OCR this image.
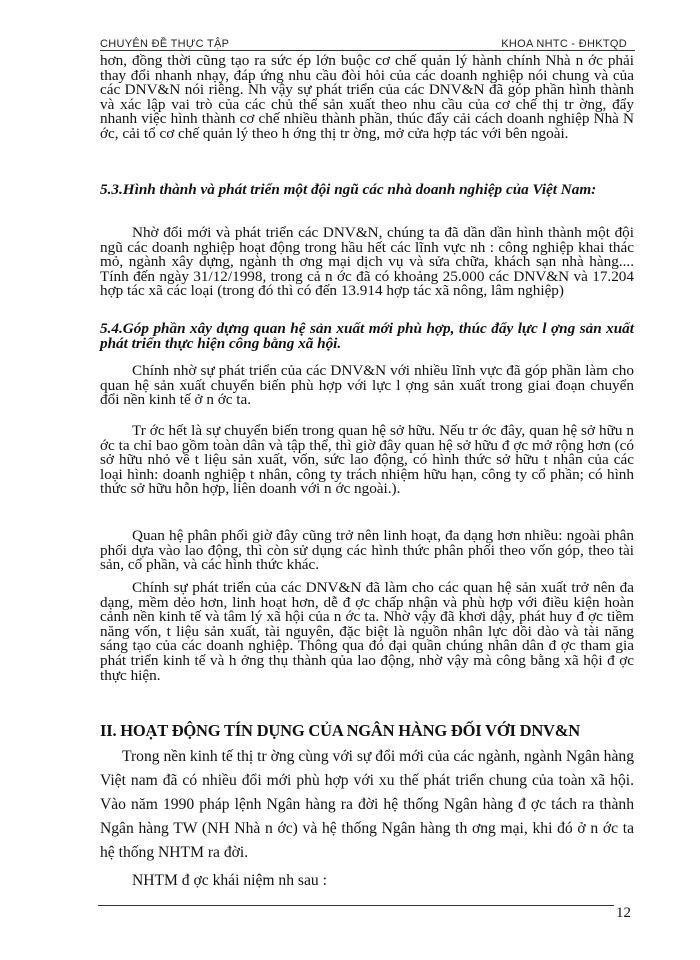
CHUYÊN ĐỀ THỰC TẬP	KHOA NHTC - ĐHKTQD

hơn, đồng thời cũng tạo ra sức ép lớn buộc cơ chế quản lý hành chính Nhà n ớc phải thay đổi nhanh nhạy, đáp ứng nhu cầu đòi hỏi của các doanh nghiệp nói chung và của các DNV&N nói riêng. Nh vậy sự phát triển của các DNV&N đã góp phần hình thành và xác lập vai trò của các chủ thể sản xuất theo nhu cầu của cơ chế thị tr ờng, đẩy nhanh việc hình thành cơ chế nhiều thành phần, thúc đẩy cải cách doanh nghiệp Nhà N ớc, cải tổ cơ chế quản lý theo h ớng thị tr ờng, mở cửa hợp tác với bên ngoài.

5.3.Hình thành và phát triển một đội ngũ các nhà doanh nghiệp của Việt Nam:

Nhờ đổi mới và phát triển các DNV&N, chúng ta đã dần dần hình thành một đội ngũ các doanh nghiệp hoạt động trong hầu hết các lĩnh vực nh : công nghiệp khai thác mỏ, ngành xây dựng, ngành th ơng mại dịch vụ và sửa chữa, khách sạn nhà hàng.... Tính đến ngày 31/12/1998, trong cả n ớc đã có khoảng 25.000 các DNV&N và 17.204 hợp tác xã các loại (trong đó thì có đến 13.914 hợp tác xã nông, lâm nghiệp)

5.4.Góp phần xây dựng quan hệ sản xuất mới phù hợp, thúc đẩy lực l ợng sản xuất phát triển thực hiện công bằng xã hội.

Chính nhờ sự phát triển của các DNV&N với nhiều lĩnh vực đã góp phần làm cho quan hệ sản xuất chuyển biến phù hợp với lực l ợng sản xuất trong giai đoạn chuyển đổi nền kinh tế ở n ớc ta.

Tr ớc hết là sự chuyển biến trong quan hệ sở hữu. Nếu tr ớc đây, quan hệ sở hữu n ớc ta chỉ bao gồm toàn dân và tập thể, thì giờ đây quan hệ sở hữu đ ợc mở rộng hơn (có sở hữu nhỏ về t liệu sản xuất, vốn, sức lao động, có hình thức sở hữu t nhân của các loại hình: doanh nghiệp t nhân, công ty trách nhiệm hữu hạn, công ty cổ phần; có hình thức sở hữu hỗn hợp, liên doanh với n ớc ngoài.).

Quan hệ phân phối giờ đây cũng trở nên linh hoạt, đa dạng hơn nhiều: ngoài phân phối dựa vào lao động, thì còn sử dụng các hình thức phân phối theo vốn góp, theo tài sản, cổ phần, và các hình thức khác.

Chính sự phát triển của các DNV&N đã làm cho các quan hệ sản xuất trở nên đa dạng, mềm dẻo hơn, linh hoạt hơn, dễ đ ợc chấp nhận và phù hợp với điều kiện hoàn cảnh nền kinh tế và tâm lý xã hội của n ớc ta. Nhờ vậy đã khơi dậy, phát huy đ ợc tiềm năng vốn, t liệu sản xuất, tài nguyên, đặc biệt là nguồn nhân lực dồi dào và tài năng sáng tạo của các doanh nghiệp. Thông qua đó đại quần chúng nhân dân đ ợc tham gia phát triển kinh tế và h ởng thụ thành qủa lao động, nhờ vậy mà công bằng xã hội đ ợc thực hiện.

II. HOẠT ĐỘNG TÍN DỤNG CỦA NGÂN HÀNG ĐỐI VỚI DNV&N

Trong nền kinh tế thị tr ờng cùng với sự đổi mới của các ngành, ngành Ngân hàng Việt nam đã có nhiều đổi mới phù hợp với xu thế phát triển chung của toàn xã hội. Vào năm 1990 pháp lệnh Ngân hàng ra đời hệ thống Ngân hàng đ ợc tách ra thành Ngân hàng TW (NH Nhà n ớc) và hệ thống Ngân hàng th ơng mại, khi đó ở n ớc ta hệ thống NHTM ra đời.

NHTM đ ợc khái niệm nh sau :

12
